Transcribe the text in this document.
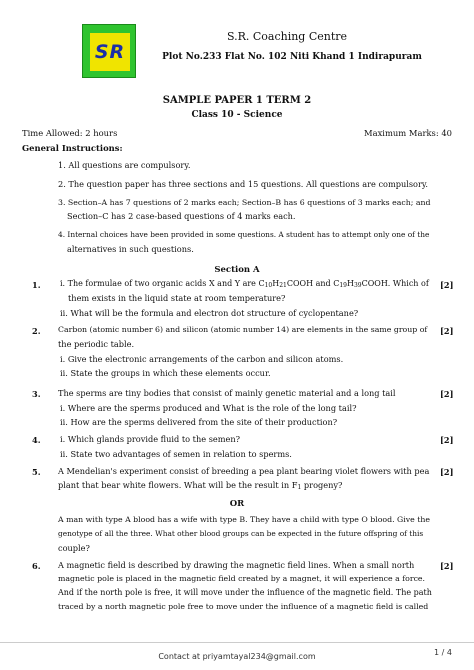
SR
S.R. Coaching Centre
Plot No.233 Flat No. 102 Niti Khand 1 Indirapuram
SAMPLE PAPER 1 TERM 2
Class 10 - Science
Time Allowed: 2 hours	Maximum Marks: 40
General Instructions:
1. All questions are compulsory.
2. The question paper has three sections and 15 questions. All questions are compulsory.
3. Section–A has 7 questions of 2 marks each; Section–B has 6 questions of 3 marks each; and
Section–C has 2 case-based questions of 4 marks each.
4. Internal choices have been provided in some questions. A student has to attempt only one of the
alternatives in such questions.
Section A
1.	[2]
i. The formulae of two organic acids X and Y are $C_{10}H_{21}COOH$ and $C_{19}H_{39}COOH$. Which of
them exists in the liquid state at room temperature?
ii. What will be the formula and electron dot structure of cyclopentane?
2.	[2]
Carbon (atomic number 6) and silicon (atomic number 14) are elements in the same group of
the periodic table.
i. Give the electronic arrangements of the carbon and silicon atoms.
ii. State the groups in which these elements occur.
3.	[2]
The sperms are tiny bodies that consist of mainly genetic material and a long tail
i. Where are the sperms produced and What is the role of the long tail?
ii. How are the sperms delivered from the site of their production?
4.	[2]
i. Which glands provide fluid to the semen?
ii. State two advantages of semen in relation to sperms.
5.	[2]
A Mendelian's experiment consist of breeding a pea plant bearing violet flowers with pea
plant that bear white flowers. What will be the result in $F_1$ progeny?
OR
A man with type A blood has a wife with type B. They have a child with type O blood. Give the
genotype of all the three. What other blood groups can be expected in the future offspring of this
couple?
6.	[2]
A magnetic field is described by drawing the magnetic field lines. When a small north
magnetic pole is placed in the magnetic field created by a magnet, it will experience a force.
And if the north pole is free, it will move under the influence of the magnetic field. The path
traced by a north magnetic pole free to move under the influence of a magnetic field is called
Contact at priyamtayal234@gmail.com	1 / 4
